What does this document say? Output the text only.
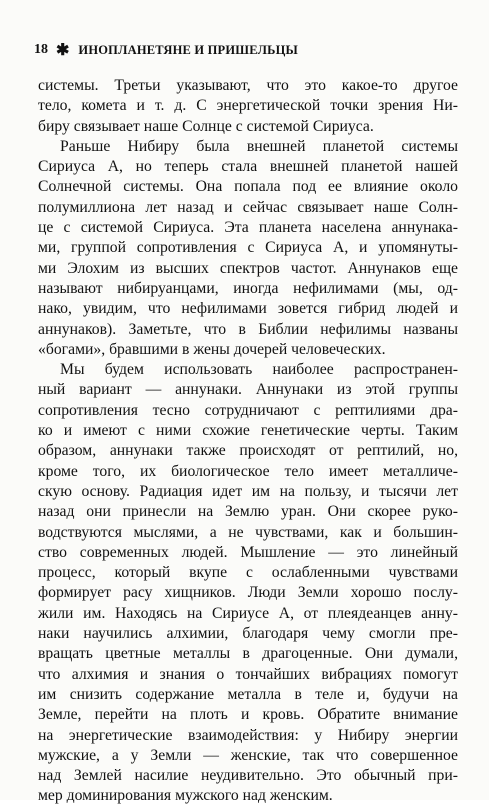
18 ✱ ИНОПЛАНЕТЯНЕ И ПРИШЕЛЬЦЫ
системы. Третьи указывают, что это какое-то другое
тело, комета и т. д. С энергетической точки зрения Ни-
биру связывает наше Солнце с системой Сириуса.
Раньше Нибиру была внешней планетой системы
Сириуса А, но теперь стала внешней планетой нашей
Солнечной системы. Она попала под ее влияние около
полумиллиона лет назад и сейчас связывает наше Солн-
це с системой Сириуса. Эта планета населена аннунака-
ми, группой сопротивления с Сириуса А, и упомянуты-
ми Элохим из высших спектров частот. Аннунаков еще
называют нибируанцами, иногда нефилимами (мы, од-
нако, увидим, что нефилимами зовется гибрид людей и
аннунаков). Заметьте, что в Библии нефилимы названы
«богами», бравшими в жены дочерей человеческих.
Мы будем использовать наиболее распространен-
ный вариант — аннунаки. Аннунаки из этой группы
сопротивления тесно сотрудничают с рептилиями дра-
ко и имеют с ними схожие генетические черты. Таким
образом, аннунаки также происходят от рептилий, но,
кроме того, их биологическое тело имеет металличе-
скую основу. Радиация идет им на пользу, и тысячи лет
назад они принесли на Землю уран. Они скорее руко-
водствуются мыслями, а не чувствами, как и большин-
ство современных людей. Мышление — это линейный
процесс, который вкупе с ослабленными чувствами
формирует расу хищников. Люди Земли хорошо послу-
жили им. Находясь на Сириусе А, от плеядеанцев анну-
наки научились алхимии, благодаря чему смогли пре-
вращать цветные металлы в драгоценные. Они думали,
что алхимия и знания о тончайших вибрациях помогут
им снизить содержание металла в теле и, будучи на
Земле, перейти на плоть и кровь. Обратите внимание
на энергетические взаимодействия: у Нибиру энергии
мужские, а у Земли — женские, так что совершенное
над Землей насилие неудивительно. Это обычный при-
мер доминирования мужского над женским.
